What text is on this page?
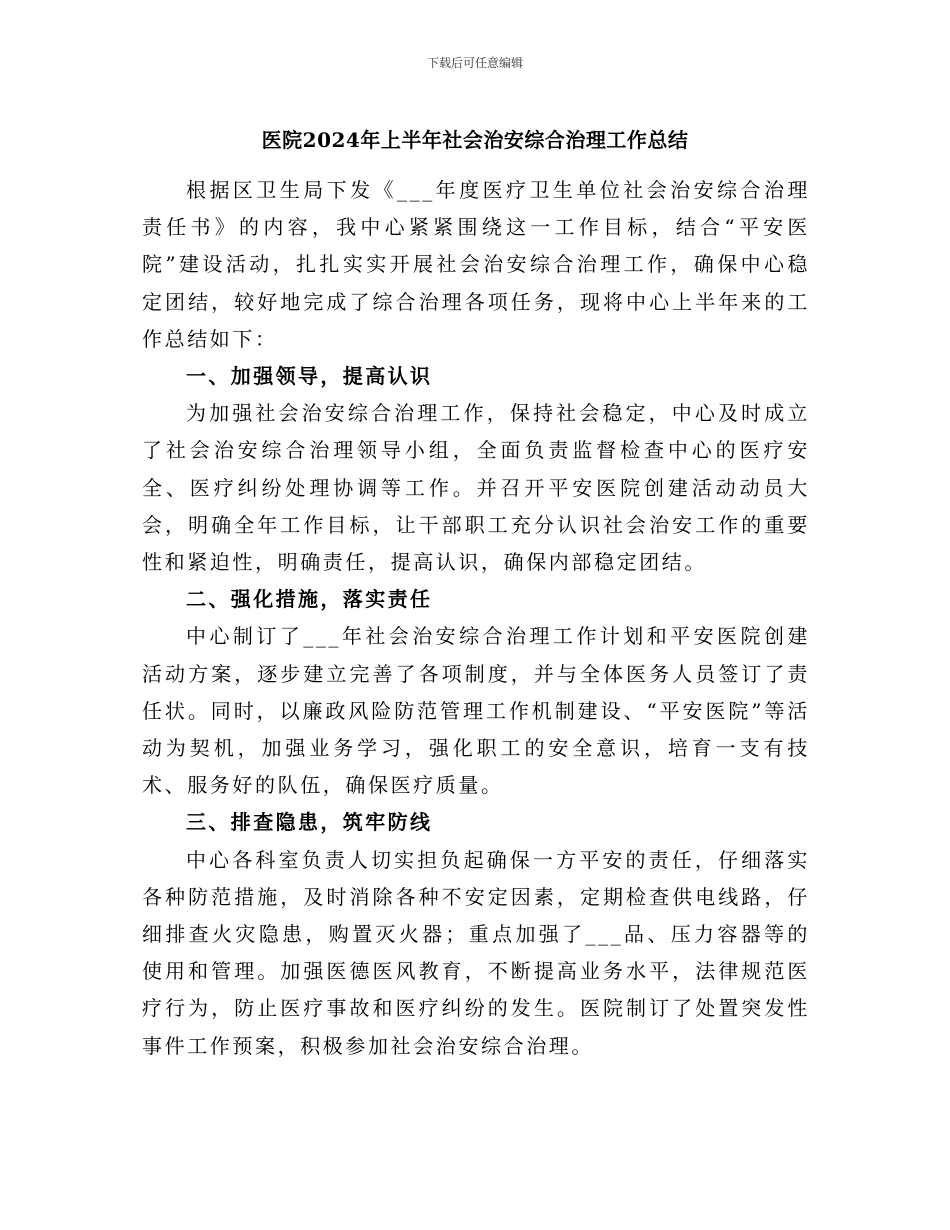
下载后可任意编辑
医院2024年上半年社会治安综合治理工作总结

根据区卫生局下发《___年度医疗卫生单位社会治安综合治理责任书》的内容，我中心紧紧围绕这一工作目标，结合“平安医院”建设活动，扎扎实实开展社会治安综合治理工作，确保中心稳定团结，较好地完成了综合治理各项任务，现将中心上半年来的工作总结如下：

一、加强领导，提高认识

为加强社会治安综合治理工作，保持社会稳定，中心及时成立了社会治安综合治理领导小组，全面负责监督检查中心的医疗安全、医疗纠纷处理协调等工作。并召开平安医院创建活动动员大会，明确全年工作目标，让干部职工充分认识社会治安工作的重要性和紧迫性，明确责任，提高认识，确保内部稳定团结。

二、强化措施，落实责任

中心制订了___年社会治安综合治理工作计划和平安医院创建活动方案，逐步建立完善了各项制度，并与全体医务人员签订了责任状。同时，以廉政风险防范管理工作机制建设、“平安医院”等活动为契机，加强业务学习，强化职工的安全意识，培育一支有技术、服务好的队伍，确保医疗质量。

三、排查隐患，筑牢防线

中心各科室负责人切实担负起确保一方平安的责任，仔细落实各种防范措施，及时消除各种不安定因素，定期检查供电线路，仔细排查火灾隐患，购置灭火器；重点加强了___品、压力容器等的使用和管理。加强医德医风教育，不断提高业务水平，法律规范医疗行为，防止医疗事故和医疗纠纷的发生。医院制订了处置突发性事件工作预案，积极参加社会治安综合治理。
